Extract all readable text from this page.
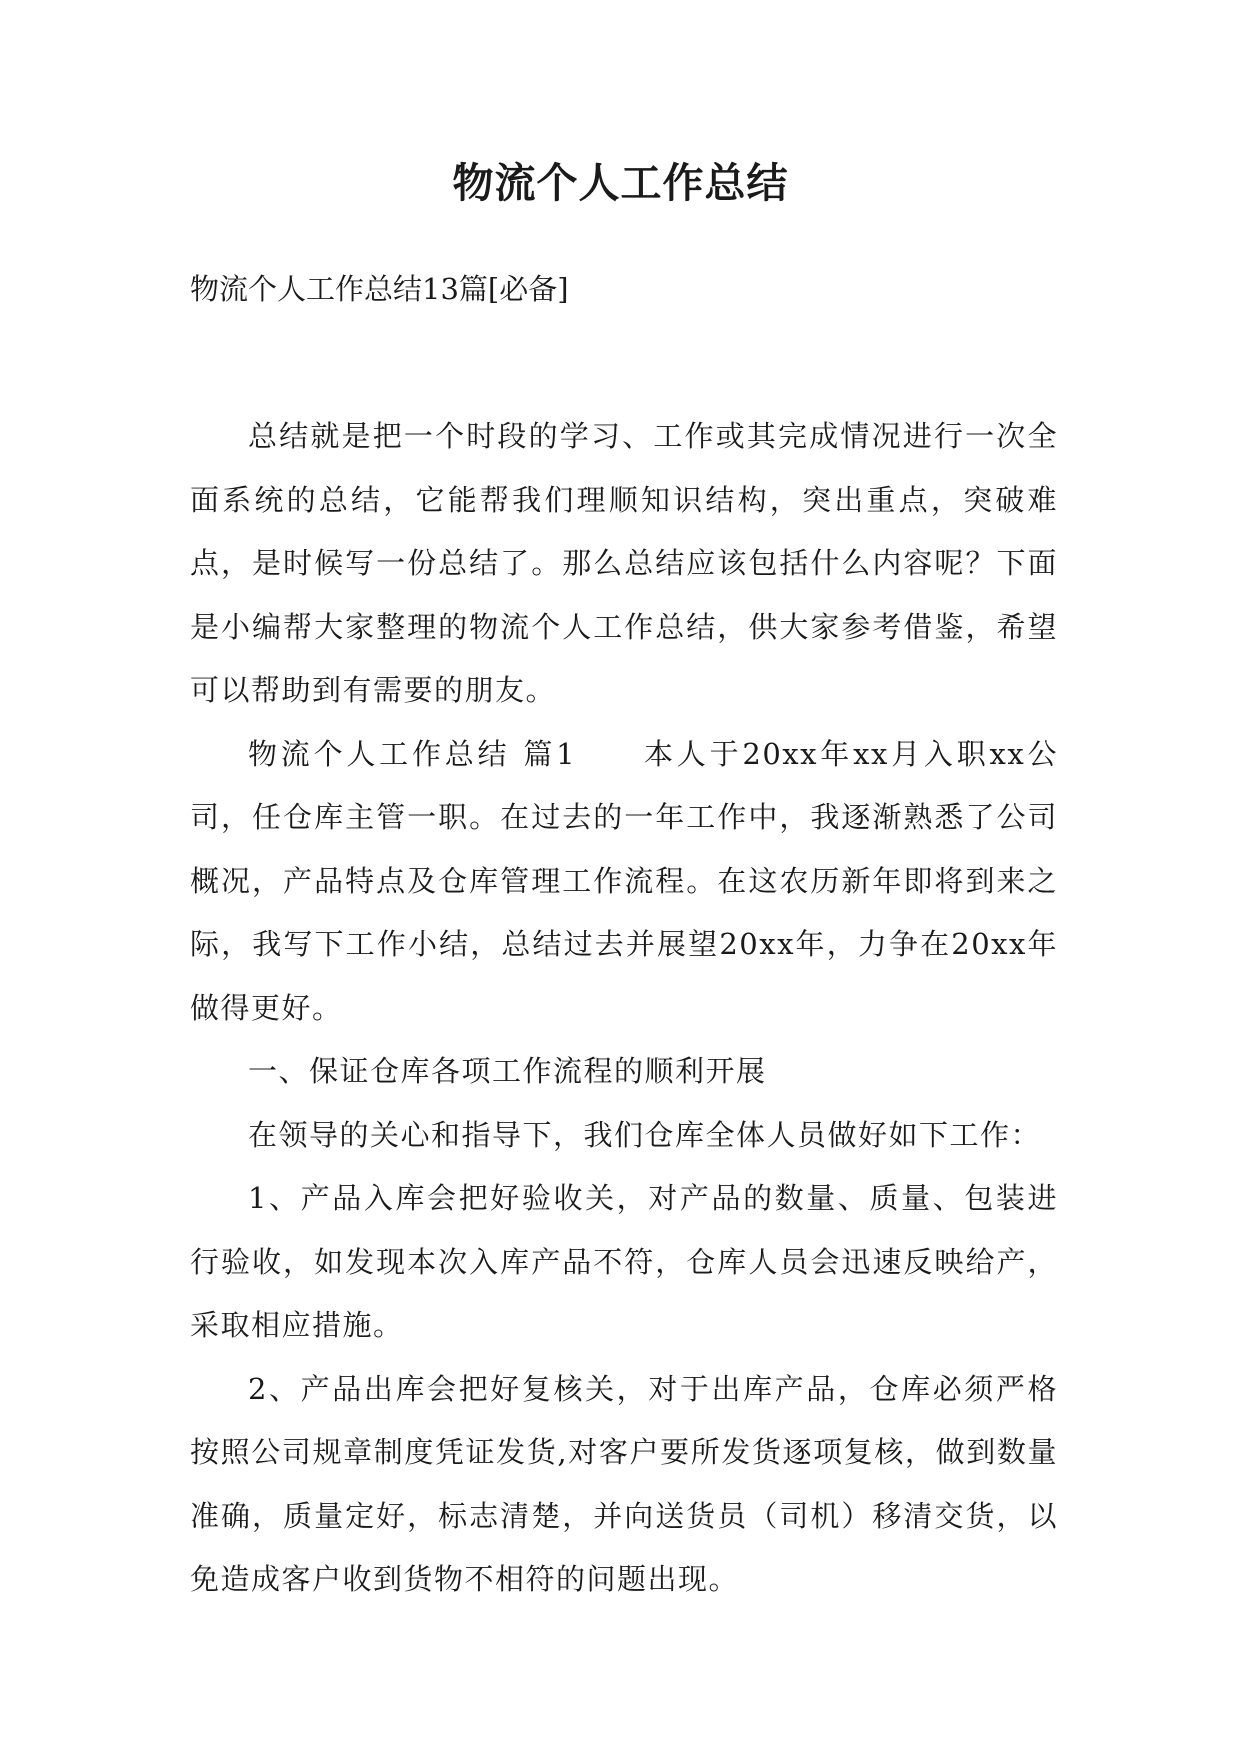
物流个人工作总结
物流个人工作总结13篇[必备]

总结就是把一个时段的学习、工作或其完成情况进行一次全面系统的总结，它能帮我们理顺知识结构，突出重点，突破难点，是时候写一份总结了。那么总结应该包括什么内容呢？下面是小编帮大家整理的物流个人工作总结，供大家参考借鉴，希望可以帮助到有需要的朋友。

物流个人工作总结 篇1　　本人于20xx年xx月入职xx公司，任仓库主管一职。在过去的一年工作中，我逐渐熟悉了公司概况，产品特点及仓库管理工作流程。在这农历新年即将到来之际，我写下工作小结，总结过去并展望20xx年，力争在20xx年做得更好。

一、保证仓库各项工作流程的顺利开展

在领导的关心和指导下，我们仓库全体人员做好如下工作：

1、产品入库会把好验收关，对产品的数量、质量、包装进行验收，如发现本次入库产品不符，仓库人员会迅速反映给产，采取相应措施。

2、产品出库会把好复核关，对于出库产品，仓库必须严格按照公司规章制度凭证发货,对客户要所发货逐项复核，做到数量准确，质量定好，标志清楚，并向送货员（司机）移清交货，以免造成客户收到货物不相符的问题出现。
